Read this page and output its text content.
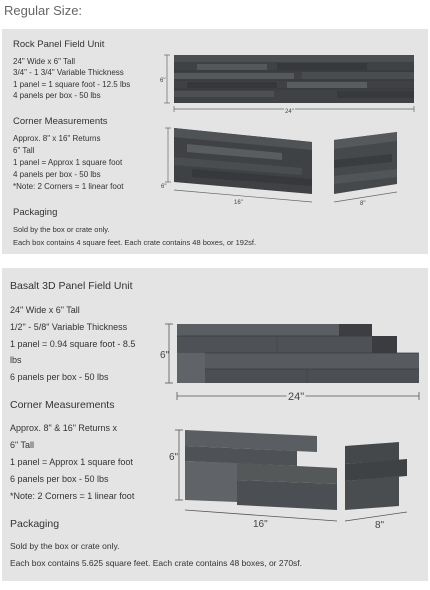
Regular Size:
Rock Panel Field Unit
24" Wide x 6" Tall
3/4" - 1 3/4" Variable Thickness
1 panel = 1 square foot - 12.5 lbs
4 panels per box - 50 lbs
Corner Measurements
Approx. 8" x 16" Returns
6" Tall
1 panel = Approx 1 square foot
4 panels per box - 50 lbs
*Note: 2 Corners = 1 linear foot
Packaging
Sold by the box or crate only.
Each box contains 4 square feet. Each crate contains 48 boxes, or 192sf.
6"
24"
6"
16"	8"
Basalt 3D Panel Field Unit
24" Wide x 6" Tall
1/2" - 5/8" Variable Thickness
1 panel = 0.94 square foot - 8.5
lbs
6 panels per box - 50 lbs
Corner Measurements
Approx. 8" & 16" Returns x
6" Tall
1 panel = Approx 1 square foot
6 panels per box - 50 lbs
*Note: 2 Corners = 1 linear foot
Packaging
Sold by the box or crate only.
Each box contains 5.625 square feet. Each crate contains 48 boxes, or 270sf.
6"
24"
6"
16"	8"
